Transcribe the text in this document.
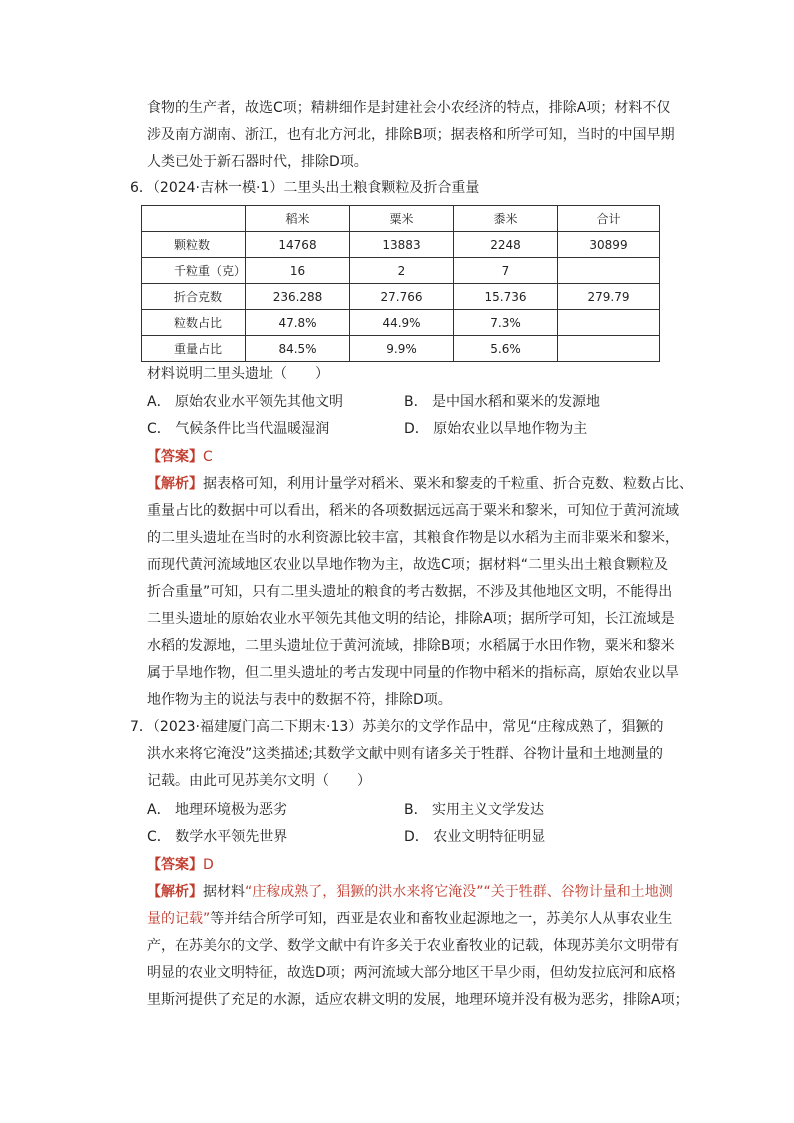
食物的生产者，故选C项；精耕细作是封建社会小农经济的特点，排除A项；材料不仅
涉及南方湖南、浙江，也有北方河北，排除B项；据表格和所学可知，当时的中国早期
人类已处于新石器时代，排除D项。
6．（2024·吉林一模·1）二里头出土粮食颗粒及折合重量
	稻米	粟米	黍米	合计
颗粒数	14768	13883	2248	30899
千粒重（克）	16	2	7	
折合克数	236.288	27.766	15.736	279.79
粒数占比	47.8%	44.9%	7.3%	
重量占比	84.5%	9.9%	5.6%	
材料说明二里头遗址（　　）
A． 原始农业水平领先其他文明	B． 是中国水稻和粟米的发源地
C． 气候条件比当代温暖湿润	D． 原始农业以旱地作物为主
【答案】C
【解析】据表格可知，利用计量学对稻米、粟米和黎麦的千粒重、折合克数、粒数占比、
重量占比的数据中可以看出，稻米的各项数据远远高于粟米和黎米，可知位于黄河流域
的二里头遗址在当时的水利资源比较丰富，其粮食作物是以水稻为主而非粟米和黎米，
而现代黄河流域地区农业以旱地作物为主，故选C项；据材料“二里头出土粮食颗粒及
折合重量”可知，只有二里头遗址的粮食的考古数据，不涉及其他地区文明，不能得出
二里头遗址的原始农业水平领先其他文明的结论，排除A项；据所学可知，长江流域是
水稻的发源地，二里头遗址位于黄河流域，排除B项；水稻属于水田作物，粟米和黎米
属于旱地作物，但二里头遗址的考古发现中同量的作物中稻米的指标高，原始农业以旱
地作物为主的说法与表中的数据不符，排除D项。
7．（2023·福建厦门高二下期末·13）苏美尔的文学作品中，常见“庄稼成熟了，猖獗的
洪水来将它淹没”这类描述;其数学文献中则有诸多关于牲群、谷物计量和土地测量的
记载。由此可见苏美尔文明（　　）
A． 地理环境极为恶劣	B． 实用主义文学发达
C． 数学水平领先世界	D． 农业文明特征明显
【答案】D
【解析】据材料“庄稼成熟了，猖獗的洪水来将它淹没”“关于牲群、谷物计量和土地测
量的记载”等并结合所学可知，西亚是农业和畜牧业起源地之一，苏美尔人从事农业生
产，在苏美尔的文学、数学文献中有许多关于农业畜牧业的记载，体现苏美尔文明带有
明显的农业文明特征，故选D项；两河流域大部分地区干旱少雨，但幼发拉底河和底格
里斯河提供了充足的水源，适应农耕文明的发展，地理环境并没有极为恶劣，排除A项；
